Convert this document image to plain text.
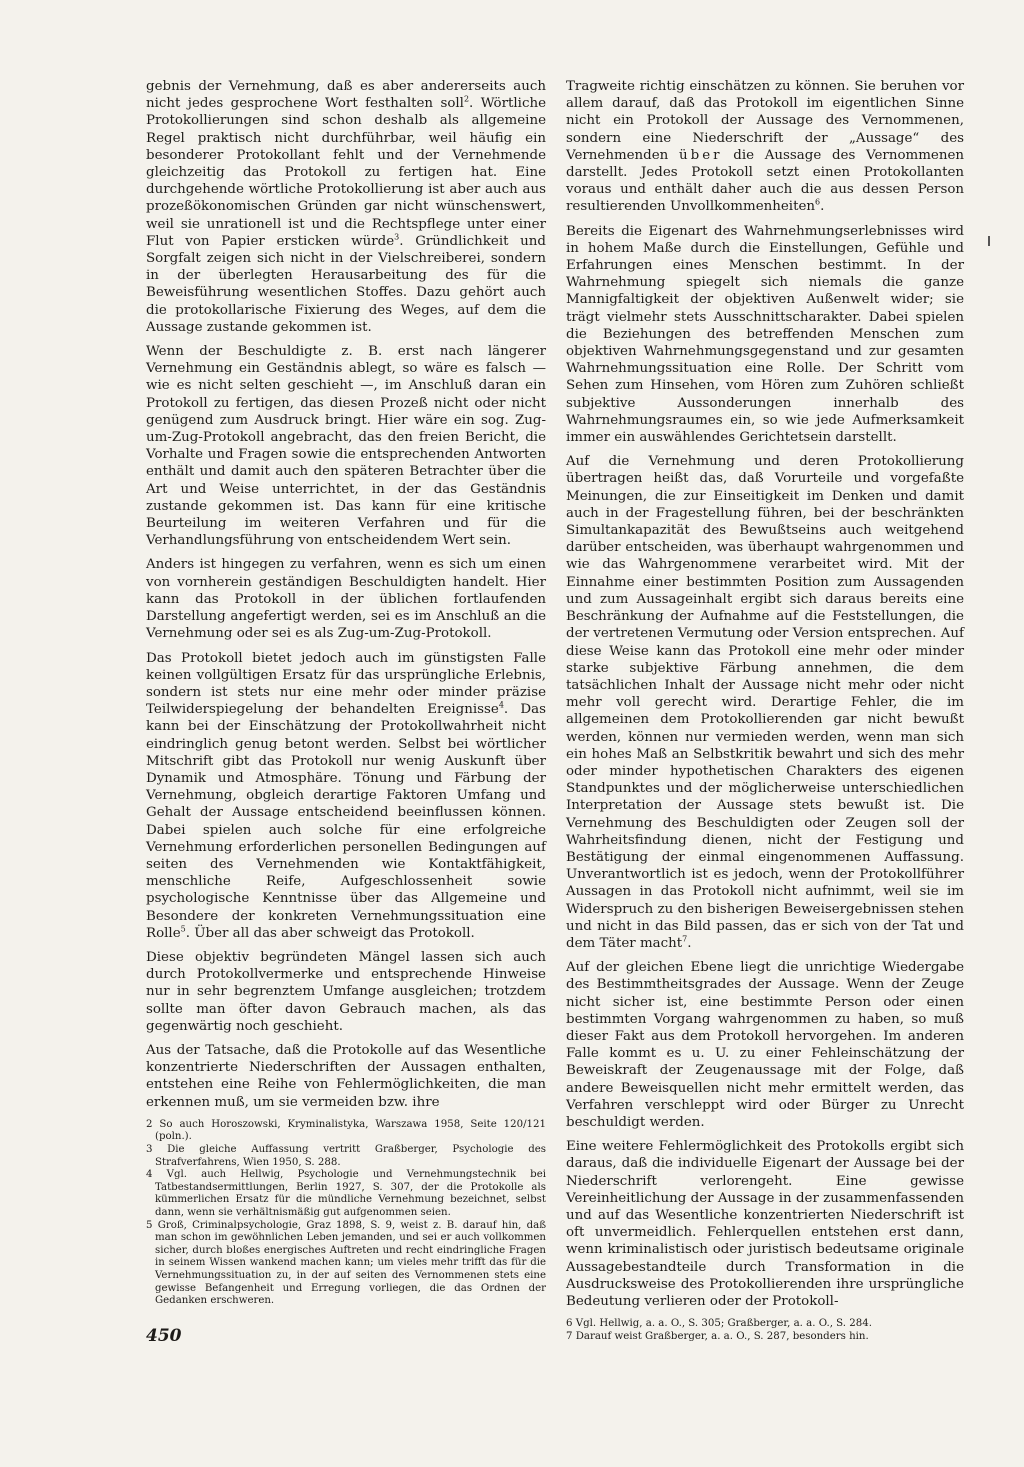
gebnis der Vernehmung, daß es aber andererseits auch nicht jedes gesprochene Wort festhalten soll$^2$. Wörtliche Protokollierungen sind schon deshalb als allgemeine Regel praktisch nicht durchführbar, weil häufig ein besonderer Protokollant fehlt und der Vernehmende gleichzeitig das Protokoll zu fertigen hat. Eine durchgehende wörtliche Protokollierung ist aber auch aus prozeßökonomischen Gründen gar nicht wünschenswert, weil sie unrationell ist und die Rechtspflege unter einer Flut von Papier ersticken würde$^3$. Gründlichkeit und Sorgfalt zeigen sich nicht in der Vielschreiberei, sondern in der überlegten Herausarbeitung des für die Beweisführung wesentlichen Stoffes. Dazu gehört auch die protokollarische Fixierung des Weges, auf dem die Aussage zustande gekommen ist.

Wenn der Beschuldigte z. B. erst nach längerer Vernehmung ein Geständnis ablegt, so wäre es falsch — wie es nicht selten geschieht —, im Anschluß daran ein Protokoll zu fertigen, das diesen Prozeß nicht oder nicht genügend zum Ausdruck bringt. Hier wäre ein sog. Zug-um-Zug-Protokoll angebracht, das den freien Bericht, die Vorhalte und Fragen sowie die entsprechenden Antworten enthält und damit auch den späteren Betrachter über die Art und Weise unterrichtet, in der das Geständnis zustande gekommen ist. Das kann für eine kritische Beurteilung im weiteren Verfahren und für die Verhandlungsführung von entscheidendem Wert sein.

Anders ist hingegen zu verfahren, wenn es sich um einen von vornherein geständigen Beschuldigten handelt. Hier kann das Protokoll in der üblichen fortlaufenden Darstellung angefertigt werden, sei es im Anschluß an die Vernehmung oder sei es als Zug-um-Zug-Protokoll.

Das Protokoll bietet jedoch auch im günstigsten Falle keinen vollgültigen Ersatz für das ursprüngliche Erlebnis, sondern ist stets nur eine mehr oder minder präzise Teilwiderspiegelung der behandelten Ereignisse$^4$. Das kann bei der Einschätzung der Protokollwahrheit nicht eindringlich genug betont werden. Selbst bei wörtlicher Mitschrift gibt das Protokoll nur wenig Auskunft über Dynamik und Atmosphäre. Tönung und Färbung der Vernehmung, obgleich derartige Faktoren Umfang und Gehalt der Aussage entscheidend beeinflussen können. Dabei spielen auch solche für eine erfolgreiche Vernehmung erforderlichen personellen Bedingungen auf seiten des Vernehmenden wie Kontaktfähigkeit, menschliche Reife, Aufgeschlossenheit sowie psychologische Kenntnisse über das Allgemeine und Besondere der konkreten Vernehmungssituation eine Rolle$^5$. Über all das aber schweigt das Protokoll.

Diese objektiv begründeten Mängel lassen sich auch durch Protokollvermerke und entsprechende Hinweise nur in sehr begrenztem Umfange ausgleichen; trotzdem sollte man öfter davon Gebrauch machen, als das gegenwärtig noch geschieht.

Aus der Tatsache, daß die Protokolle auf das Wesentliche konzentrierte Niederschriften der Aussagen enthalten, entstehen eine Reihe von Fehlermöglichkeiten, die man erkennen muß, um sie vermeiden bzw. ihre

2 So auch Horoszowski, Kryminalistyka, Warszawa 1958, Seite 120/121 (poln.).

3 Die gleiche Auffassung vertritt Graßberger, Psychologie des Strafverfahrens, Wien 1950, S. 288.

4 Vgl. auch Hellwig, Psychologie und Vernehmungstechnik bei Tatbestandsermittlungen, Berlin 1927, S. 307, der die Protokolle als kümmerlichen Ersatz für die mündliche Vernehmung bezeichnet, selbst dann, wenn sie verhältnismäßig gut aufgenommen seien.

5 Groß, Criminalpsychologie, Graz 1898, S. 9, weist z. B. darauf hin, daß man schon im gewöhnlichen Leben jemanden, und sei er auch vollkommen sicher, durch bloßes energisches Auftreten und recht eindringliche Fragen in seinem Wissen wankend machen kann; um vieles mehr trifft das für die Vernehmungssituation zu, in der auf seiten des Vernommenen stets eine gewisse Befangenheit und Erregung vorliegen, die das Ordnen der Gedanken erschweren.

Tragweite richtig einschätzen zu können. Sie beruhen vor allem darauf, daß das Protokoll im eigentlichen Sinne nicht ein Protokoll der Aussage des Vernommenen, sondern eine Niederschrift der „Aussage“ des Vernehmenden über die Aussage des Vernommenen darstellt. Jedes Protokoll setzt einen Protokollanten voraus und enthält daher auch die aus dessen Person resultierenden Unvollkommenheiten$^6$.

Bereits die Eigenart des Wahrnehmungserlebnisses wird in hohem Maße durch die Einstellungen, Gefühle und Erfahrungen eines Menschen bestimmt. In der Wahrnehmung spiegelt sich niemals die ganze Mannigfaltigkeit der objektiven Außenwelt wider; sie trägt vielmehr stets Ausschnittscharakter. Dabei spielen die Beziehungen des betreffenden Menschen zum objektiven Wahrnehmungsgegenstand und zur gesamten Wahrnehmungssituation eine Rolle. Der Schritt vom Sehen zum Hinsehen, vom Hören zum Zuhören schließt subjektive Aussonderungen innerhalb des Wahrnehmungsraumes ein, so wie jede Aufmerksamkeit immer ein auswählendes Gerichtetsein darstellt.

Auf die Vernehmung und deren Protokollierung übertragen heißt das, daß Vorurteile und vorgefaßte Meinungen, die zur Einseitigkeit im Denken und damit auch in der Fragestellung führen, bei der beschränkten Simultankapazität des Bewußtseins auch weitgehend darüber entscheiden, was überhaupt wahrgenommen und wie das Wahrgenommene verarbeitet wird. Mit der Einnahme einer bestimmten Position zum Aussagenden und zum Aussageinhalt ergibt sich daraus bereits eine Beschränkung der Aufnahme auf die Feststellungen, die der vertretenen Vermutung oder Version entsprechen. Auf diese Weise kann das Protokoll eine mehr oder minder starke subjektive Färbung annehmen, die dem tatsächlichen Inhalt der Aussage nicht mehr oder nicht mehr voll gerecht wird. Derartige Fehler, die im allgemeinen dem Protokollierenden gar nicht bewußt werden, können nur vermieden werden, wenn man sich ein hohes Maß an Selbstkritik bewahrt und sich des mehr oder minder hypothetischen Charakters des eigenen Standpunktes und der möglicherweise unterschiedlichen Interpretation der Aussage stets bewußt ist. Die Vernehmung des Beschuldigten oder Zeugen soll der Wahrheitsfindung dienen, nicht der Festigung und Bestätigung der einmal eingenommenen Auffassung. Unverantwortlich ist es jedoch, wenn der Protokollführer Aussagen in das Protokoll nicht aufnimmt, weil sie im Widerspruch zu den bisherigen Beweisergebnissen stehen und nicht in das Bild passen, das er sich von der Tat und dem Täter macht$^7$.

Auf der gleichen Ebene liegt die unrichtige Wiedergabe des Bestimmtheitsgrades der Aussage. Wenn der Zeuge nicht sicher ist, eine bestimmte Person oder einen bestimmten Vorgang wahrgenommen zu haben, so muß dieser Fakt aus dem Protokoll hervorgehen. Im anderen Falle kommt es u. U. zu einer Fehleinschätzung der Beweiskraft der Zeugenaussage mit der Folge, daß andere Beweisquellen nicht mehr ermittelt werden, das Verfahren verschleppt wird oder Bürger zu Unrecht beschuldigt werden.

Eine weitere Fehlermöglichkeit des Protokolls ergibt sich daraus, daß die individuelle Eigenart der Aussage bei der Niederschrift verlorengeht. Eine gewisse Vereinheitlichung der Aussage in der zusammenfassenden und auf das Wesentliche konzentrierten Niederschrift ist oft unvermeidlich. Fehlerquellen entstehen erst dann, wenn kriminalistisch oder juristisch bedeutsame originale Aussagebestandteile durch Transformation in die Ausdrucksweise des Protokollierenden ihre ursprüngliche Bedeutung verlieren oder der Protokoll-

6 Vgl. Hellwig, a. a. O., S. 305; Graßberger, a. a. O., S. 284.

7 Darauf weist Graßberger, a. a. O., S. 287, besonders hin.

450
